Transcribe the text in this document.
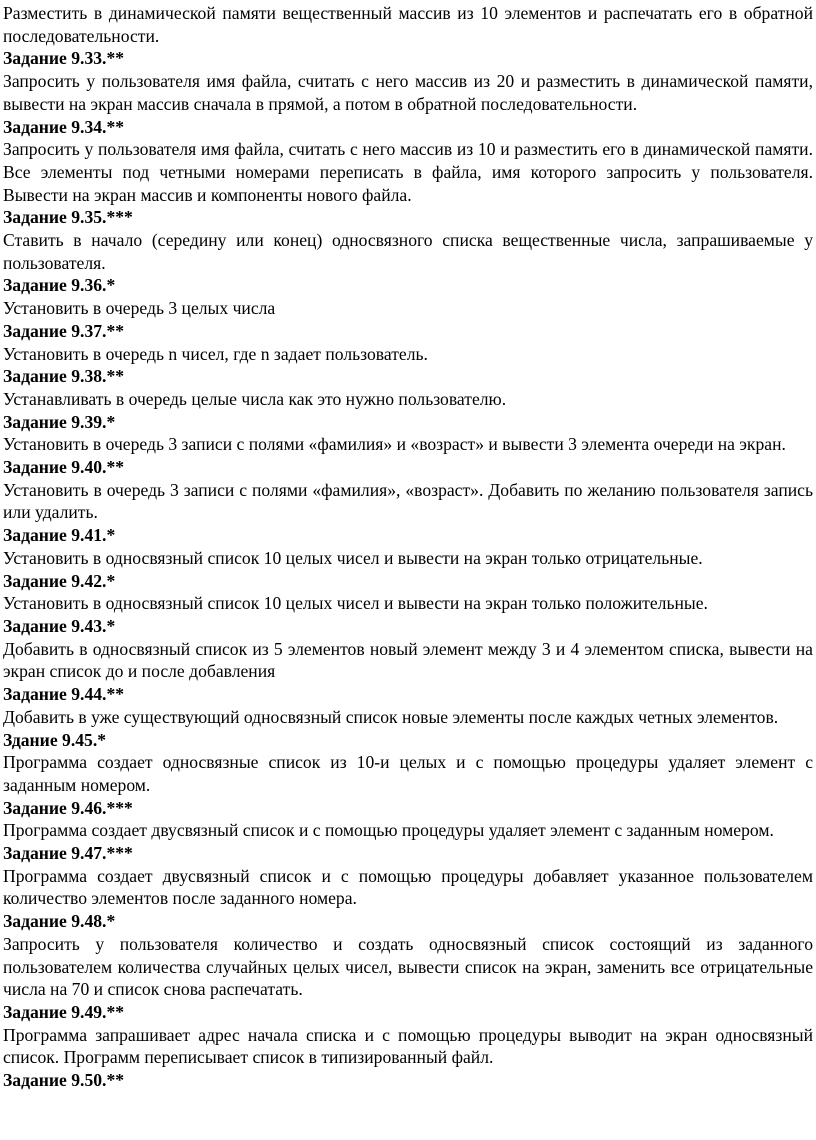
Разместить в динамической памяти вещественный массив из 10 элементов и распечатать его в обратной последовательности.

Задание 9.33.**

Запросить у пользователя имя файла, считать с него массив из 20 и разместить в динамической памяти, вывести на экран массив сначала в прямой, а потом в обратной последовательности.

Задание 9.34.**

Запросить у пользователя имя файла, считать с него массив из 10 и разместить его в динамической памяти. Все элементы под четными номерами переписать в файла, имя которого запросить у пользователя. Вывести на экран массив и компоненты нового файла.

Задание 9.35.***

Ставить в начало (середину или конец) односвязного списка вещественные числа, запрашиваемые у пользователя.

Задание 9.36.*

Установить в очередь 3 целых числа

Задание 9.37.**

Установить в очередь n чисел, где n задает пользователь.

Задание 9.38.**

Устанавливать в очередь целые числа как это нужно пользователю.

Задание 9.39.*

Установить в очередь 3 записи с полями «фамилия» и «возраст» и вывести 3 элемента очереди на экран.

Задание 9.40.**

Установить в очередь 3 записи с полями «фамилия», «возраст». Добавить по желанию пользователя запись или удалить.

Задание 9.41.*

Установить в односвязный список 10 целых чисел и вывести на экран только отрицательные.

Задание 9.42.*

Установить в односвязный список 10 целых чисел и вывести на экран только положительные.

Задание 9.43.*

Добавить в односвязный список из 5 элементов новый элемент между 3 и 4 элементом списка, вывести на экран список до и после добавления

Задание 9.44.**

Добавить в уже существующий односвязный список новые элементы после каждых четных элементов.

Здание 9.45.*

Программа создает односвязные список из 10-и целых и с помощью процедуры удаляет элемент с заданным номером.

Задание 9.46.***

Программа создает двусвязный список и с помощью процедуры удаляет элемент с заданным номером.

Задание 9.47.***

Программа создает двусвязный список и с помощью процедуры добавляет указанное пользователем количество элементов после заданного номера.

Задание 9.48.*

Запросить у пользователя количество и создать односвязный список состоящий из заданного пользователем количества случайных целых чисел, вывести список на экран, заменить все отрицательные числа на 70 и список снова распечатать.

Задание 9.49.**

Программа запрашивает адрес начала списка и с помощью процедуры выводит на экран односвязный список. Программ переписывает список в типизированный файл.

Задание 9.50.**
